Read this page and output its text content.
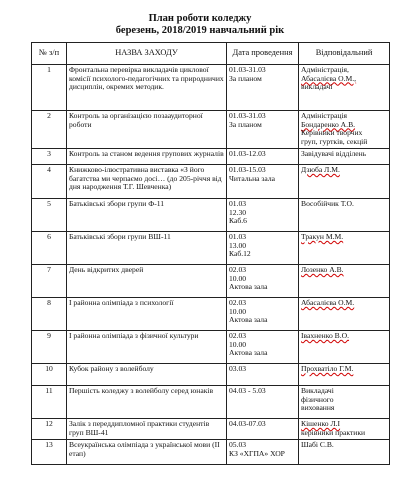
План роботи коледжу
березень, 2018/2019 навчальний рік
№ з/п	НАЗВА ЗАХОДУ	Дата проведення	Відповідальний
1	Фронтальна перевірка викладачів циклової комісії психолого-педагогічних та природничих дисциплін, окремих методик.	01.03-31.03
За планом	Адміністрація,
Абасалієва О.М.,
викладачі

2	Контроль за організацією позааудиторної роботи	01.03-31.03
За планом	Адміністрація
Бондаренко А.В.
Керівники творчих
груп, гуртків, секцій

3	Контроль за станом ведення групових журналів	01.03-12.03	Завідувачі відділень

4	Книжково-ілюстративна виставка «З його багатства ми черпаємо досі… (до 205-річчя від дня народження Т.Г. Шевченка)	01.03-15.03
Читальна зала	Дзюба Л.М.

5	Батьківські збори групи Ф-11	01.03
12.30
Каб.6	Вособійчик Т.О.

6	Батьківські збори групи ВШ-11	01.03
13.00
Каб.12	Тракун М.М.

7	День відкритих дверей	02.03
10.00
Актова зала	Лозенко А.В.

8	І районна олімпіада з психології	02.03
10.00
Актова зала	Абасалієва О.М.

9	І районна олімпіада з фізичної культури	02.03
10.00
Актова зала	Івахненко В.О.

10	Кубок району з волейболу	03.03	Прохватіло Г.М.

11	Першість коледжу з волейболу серед юнаків	04.03 - 5.03	Викладачі
фізичного
виховання

12	Залік з переддипломної практики студентів груп ВШ-41	04.03-07.03	Кішенко Л.І
керівники практики

13	Всеукраїнська олімпіада з української мови (ІІ етап)	05.03
КЗ «ХГПА» ХОР	Шабі С.В.
